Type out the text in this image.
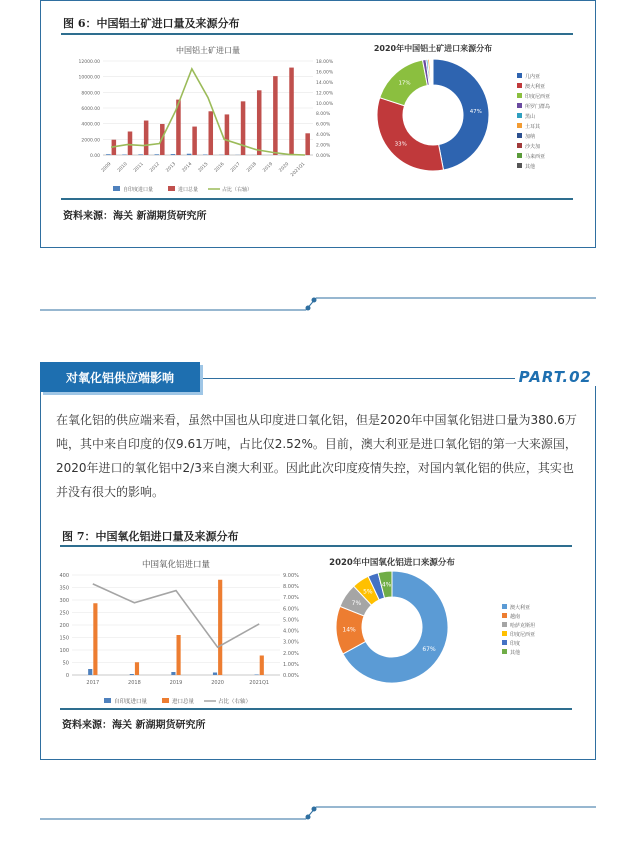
图 6：中国铝土矿进口量及来源分布
中国铝土矿进口量
12000.00
10000.00
8000.00
6000.00
4000.00
2000.00
0.00
18.00%
16.00%
14.00%
12.00%
10.00%
8.00%
6.00%
4.00%
2.00%
0.00%
2009 2010 2011 2012 2013 2014 2015 2016 2017 2018 2019 2020 2021Q1
自印度进口量	进口总量	占比（右轴）
2020年中国铝土矿进口来源分布
47%
33%
17%
几内亚
澳大利亚
印度尼西亚
所罗门群岛
黑山
土耳其
加纳
沙夫加
马来西亚
其他
资料来源：海关 新湖期货研究所
对氧化铝供应端影响	PART.02
在氧化铝的供应端来看，虽然中国也从印度进口氧化铝，但是2020年中国氧化铝进口量为380.6万吨，其中来自印度的仅9.61万吨，占比仅2.52%。目前，澳大利亚是进口氧化铝的第一大来源国，2020年进口的氧化铝中2/3来自澳大利亚。因此此次印度疫情失控，对国内氧化铝的供应，其实也并没有很大的影响。
图 7：中国氧化铝进口量及来源分布
中国氧化铝进口量
400
350
300
250
200
150
100
50
0
9.00%
8.00%
7.00%
6.00%
5.00%
4.00%
3.00%
2.00%
1.00%
0.00%
2017	2018	2019	2020	2021Q1
自印度进口量	进口总量	占比（右轴）
2020年中国氧化铝进口来源分布
67%
14%
7%
5%
4%
澳大利亚
越南
哈萨克斯坦
印度尼西亚
印度
其他
资料来源：海关 新湖期货研究所
